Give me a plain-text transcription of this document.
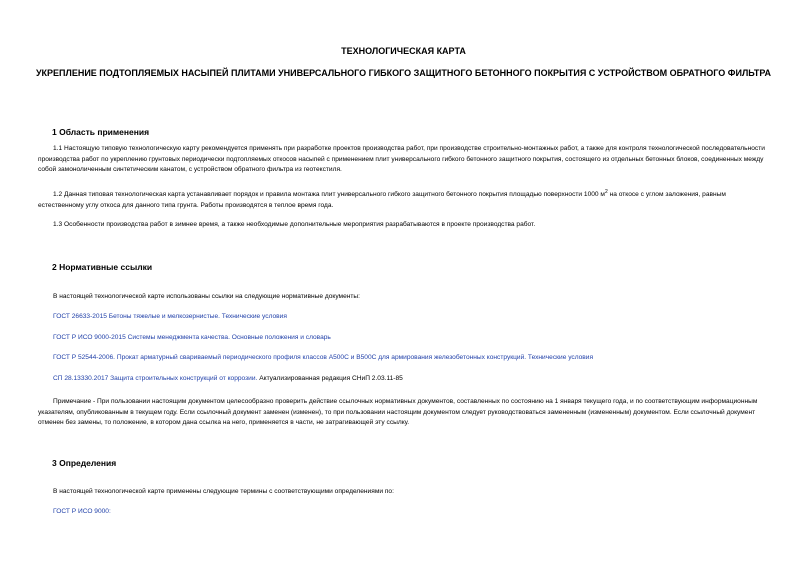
ТЕХНОЛОГИЧЕСКАЯ КАРТА
УКРЕПЛЕНИЕ ПОДТОПЛЯЕМЫХ НАСЫПЕЙ ПЛИТАМИ УНИВЕРСАЛЬНОГО ГИБКОГО ЗАЩИТНОГО БЕТОННОГО ПОКРЫТИЯ С УСТРОЙСТВОМ ОБРАТНОГО ФИЛЬТРА
1 Область применения
1.1 Настоящую типовую технологическую карту рекомендуется применять при разработке проектов производства работ, при производстве строительно-монтажных работ, а также для контроля технологической последовательности производства работ по укреплению грунтовых периодически подтопляемых откосов насыпей с применением плит универсального гибкого бетонного защитного покрытия, состоящего из отдельных бетонных блоков, соединенных между собой замоноличенным синтетическим канатом, с устройством обратного фильтра из геотекстиля.
1.2 Данная типовая технологическая карта устанавливает порядок и правила монтажа плит универсального гибкого защитного бетонного покрытия площадью поверхности 1000 $м^2$ на откосе с углом заложения, равным естественному углу откоса для данного типа грунта. Работы производятся в теплое время года.
1.3 Особенности производства работ в зимнее время, а также необходимые дополнительные мероприятия разрабатываются в проекте производства работ.
2 Нормативные ссылки
В настоящей технологической карте использованы ссылки на следующие нормативные документы:
ГОСТ 26633-2015 Бетоны тяжелые и мелкозернистые. Технические условия
ГОСТ Р ИСО 9000-2015 Системы менеджмента качества. Основные положения и словарь
ГОСТ Р 52544-2006. Прокат арматурный свариваемый периодического профиля классов А500С и В500С для армирования железобетонных конструкций. Технические условия
СП 28.13330.2017 Защита строительных конструкций от коррозии. Актуализированная редакция СНиП 2.03.11-85
Примечание - При пользовании настоящим документом целесообразно проверить действие ссылочных нормативных документов, составленных по состоянию на 1 января текущего года, и по соответствующим информационным указателям, опубликованным в текущем году. Если ссылочный документ заменен (изменен), то при пользовании настоящим документом следует руководствоваться замененным (измененным) документом. Если ссылочный документ отменен без замены, то положение, в котором дана ссылка на него, применяется в части, не затрагивающей эту ссылку.
3 Определения
В настоящей технологической карте применены следующие термины с соответствующими определениями по:
ГОСТ Р ИСО 9000:
